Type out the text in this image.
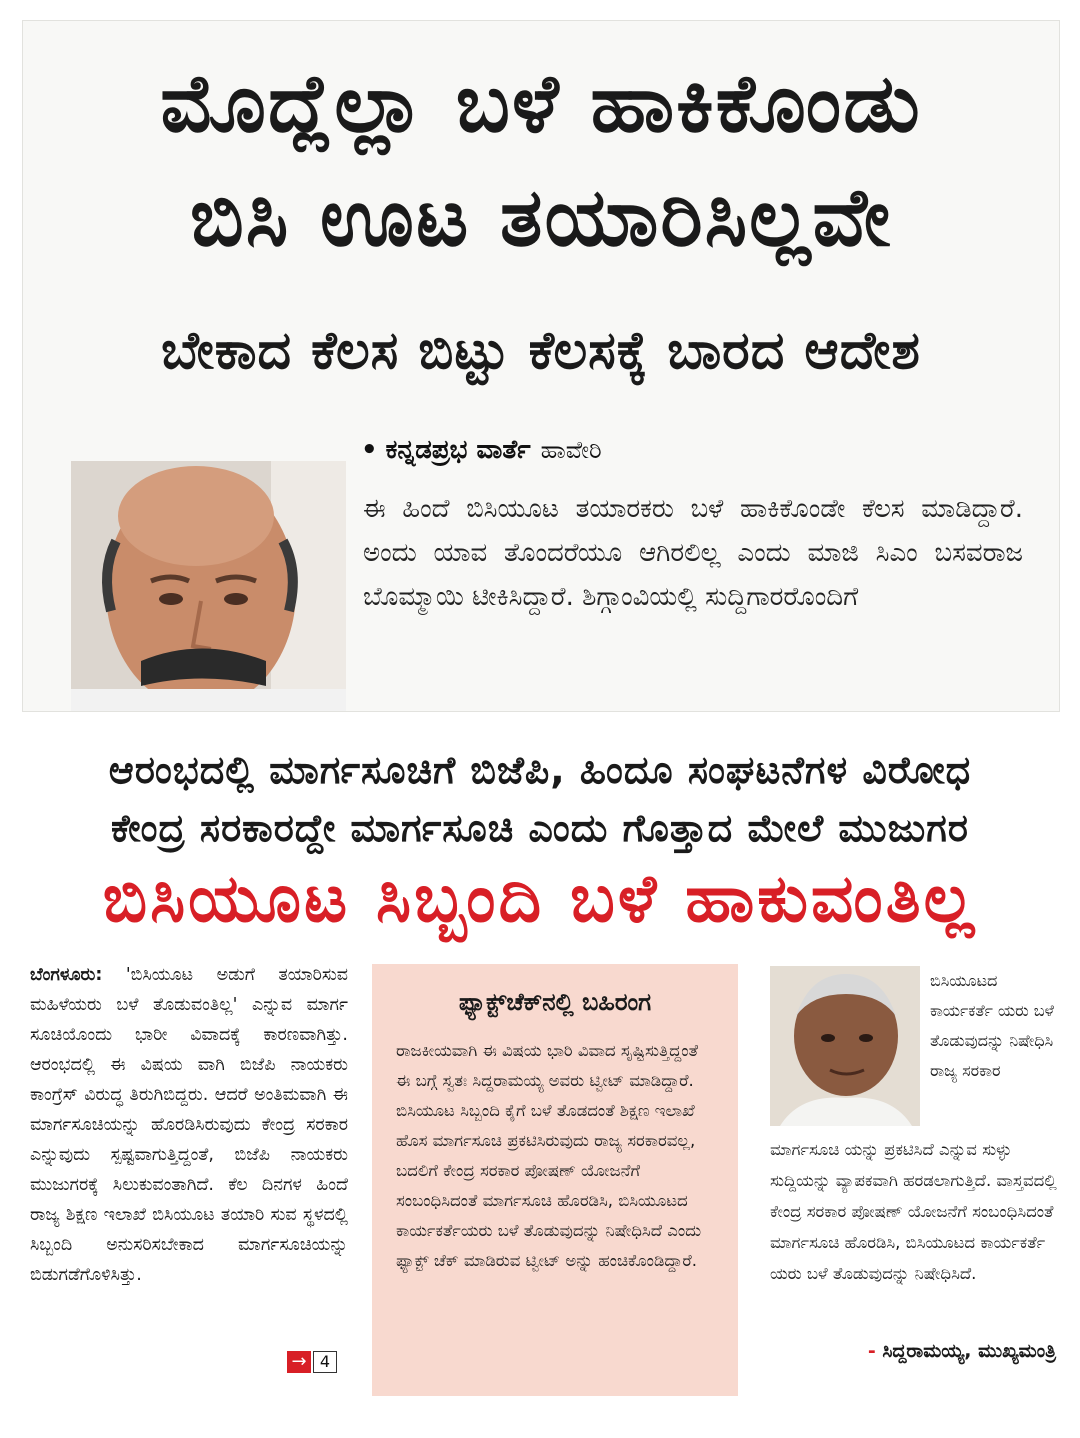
ಮೊದ್ಲೆಲ್ಲಾ ಬಳೆ ಹಾಕಿಕೊಂಡು
ಬಿಸಿ ಊಟ ತಯಾರಿಸಿಲ್ಲವೇ
ಬೇಕಾದ ಕೆಲಸ ಬಿಟ್ಟು ಕೆಲಸಕ್ಕೆ ಬಾರದ ಆದೇಶ
• ಕನ್ನಡಪ್ರಭ ವಾರ್ತೆ ಹಾವೇರಿ
ಈ ಹಿಂದೆ ಬಿಸಿಯೂಟ ತಯಾರಕರು ಬಳೆ ಹಾಕಿಕೊಂಡೇ ಕೆಲಸ ಮಾಡಿದ್ದಾರೆ. ಅಂದು ಯಾವ ತೊಂದರೆಯೂ ಆಗಿರಲಿಲ್ಲ ಎಂದು ಮಾಜಿ ಸಿಎಂ ಬಸವರಾಜ ಬೊಮ್ಮಾಯಿ ಟೀಕಿಸಿದ್ದಾರೆ. ಶಿಗ್ಗಾಂವಿಯಲ್ಲಿ ಸುದ್ದಿಗಾರರೊಂದಿಗೆ
ಆರಂಭದಲ್ಲಿ ಮಾರ್ಗಸೂಚಿಗೆ ಬಿಜೆಪಿ, ಹಿಂದೂ ಸಂಘಟನೆಗಳ ವಿರೋಧ
ಕೇಂದ್ರ ಸರಕಾರದ್ದೇ ಮಾರ್ಗಸೂಚಿ ಎಂದು ಗೊತ್ತಾದ ಮೇಲೆ ಮುಜುಗರ
ಬಿಸಿಯೂಟ ಸಿಬ್ಬಂದಿ ಬಳೆ ಹಾಕುವಂತಿಲ್ಲ
ಬೆಂಗಳೂರು: 'ಬಿಸಿಯೂಟ ಅಡುಗೆ ತಯಾರಿಸುವ ಮಹಿಳೆಯರು ಬಳೆ ತೊಡುವಂತಿಲ್ಲ' ಎನ್ನುವ ಮಾರ್ಗ ಸೂಚಿಯೊಂದು ಭಾರೀ ವಿವಾದಕ್ಕೆ ಕಾರಣವಾಗಿತ್ತು. ಆರಂಭದಲ್ಲಿ ಈ ವಿಷಯ ವಾಗಿ ಬಿಜೆಪಿ ನಾಯಕರು ಕಾಂಗ್ರೆಸ್ ವಿರುದ್ಧ ತಿರುಗಿಬಿದ್ದರು. ಆದರೆ ಅಂತಿಮವಾಗಿ ಈ ಮಾರ್ಗಸೂಚಿಯನ್ನು ಹೊರಡಿಸಿರುವುದು ಕೇಂದ್ರ ಸರಕಾರ ಎನ್ನುವುದು ಸ್ಪಷ್ಟವಾಗುತ್ತಿದ್ದಂತೆ, ಬಿಜೆಪಿ ನಾಯಕರು ಮುಜುಗರಕ್ಕೆ ಸಿಲುಕುವಂತಾಗಿದೆ. ಕೆಲ ದಿನಗಳ ಹಿಂದೆ ರಾಜ್ಯ ಶಿಕ್ಷಣ ಇಲಾಖೆ ಬಿಸಿಯೂಟ ತಯಾರಿ ಸುವ ಸ್ಥಳದಲ್ಲಿ ಸಿಬ್ಬಂದಿ ಅನುಸರಿಸಬೇಕಾದ ಮಾರ್ಗಸೂಚಿಯನ್ನು ಬಿಡುಗಡೆಗೊಳಿಸಿತ್ತು.
→ 4
ಫ್ಯಾಕ್ಟ್‌ಚೆಕ್‌ನಲ್ಲಿ ಬಹಿರಂಗ
ರಾಜಕೀಯವಾಗಿ ಈ ವಿಷಯ ಭಾರಿ ವಿವಾದ ಸೃಷ್ಟಿಸುತ್ತಿದ್ದಂತೆ ಈ ಬಗ್ಗೆ ಸ್ವತಃ ಸಿದ್ದರಾಮಯ್ಯ ಅವರು ಟ್ವೀಟ್ ಮಾಡಿದ್ದಾರೆ. ಬಿಸಿಯೂಟ ಸಿಬ್ಬಂದಿ ಕೈಗೆ ಬಳೆ ತೊಡದಂತೆ ಶಿಕ್ಷಣ ಇಲಾಖೆ ಹೊಸ ಮಾರ್ಗಸೂಚಿ ಪ್ರಕಟಿಸಿರುವುದು ರಾಜ್ಯ ಸರಕಾರವಲ್ಲ, ಬದಲಿಗೆ ಕೇಂದ್ರ ಸರಕಾರ ಪೋಷಣ್ ಯೋಜನೆಗೆ ಸಂಬಂಧಿಸಿದಂತೆ ಮಾರ್ಗಸೂಚಿ ಹೊರಡಿಸಿ, ಬಿಸಿಯೂಟದ ಕಾರ್ಯಕರ್ತೆಯರು ಬಳೆ ತೊಡುವುದನ್ನು ನಿಷೇಧಿಸಿದೆ ಎಂದು ಫ್ಯಾಕ್ಟ್ ಚೆಕ್ ಮಾಡಿರುವ ಟ್ವೀಟ್ ಅನ್ನು ಹಂಚಿಕೊಂಡಿದ್ದಾರೆ.
ಬಿಸಿಯೂಟದ ಕಾರ್ಯಕರ್ತೆ ಯರು ಬಳೆ ತೊಡುವುದನ್ನು ನಿಷೇಧಿಸಿ ರಾಜ್ಯ ಸರಕಾರ
ಮಾರ್ಗಸೂಚಿ ಯನ್ನು ಪ್ರಕಟಿಸಿದೆ ಎನ್ನುವ ಸುಳ್ಳು ಸುದ್ದಿಯನ್ನು ವ್ಯಾಪಕವಾಗಿ ಹರಡಲಾಗುತ್ತಿದೆ. ವಾಸ್ತವದಲ್ಲಿ ಕೇಂದ್ರ ಸರಕಾರ ಪೋಷಣ್ ಯೋಜನೆಗೆ ಸಂಬಂಧಿಸಿದಂತೆ ಮಾರ್ಗಸೂಚಿ ಹೊರಡಿಸಿ, ಬಿಸಿಯೂಟದ ಕಾರ್ಯಕರ್ತೆ ಯರು ಬಳೆ ತೊಡುವುದನ್ನು ನಿಷೇಧಿಸಿದೆ.
- ಸಿದ್ದರಾಮಯ್ಯ, ಮುಖ್ಯಮಂತ್ರಿ
